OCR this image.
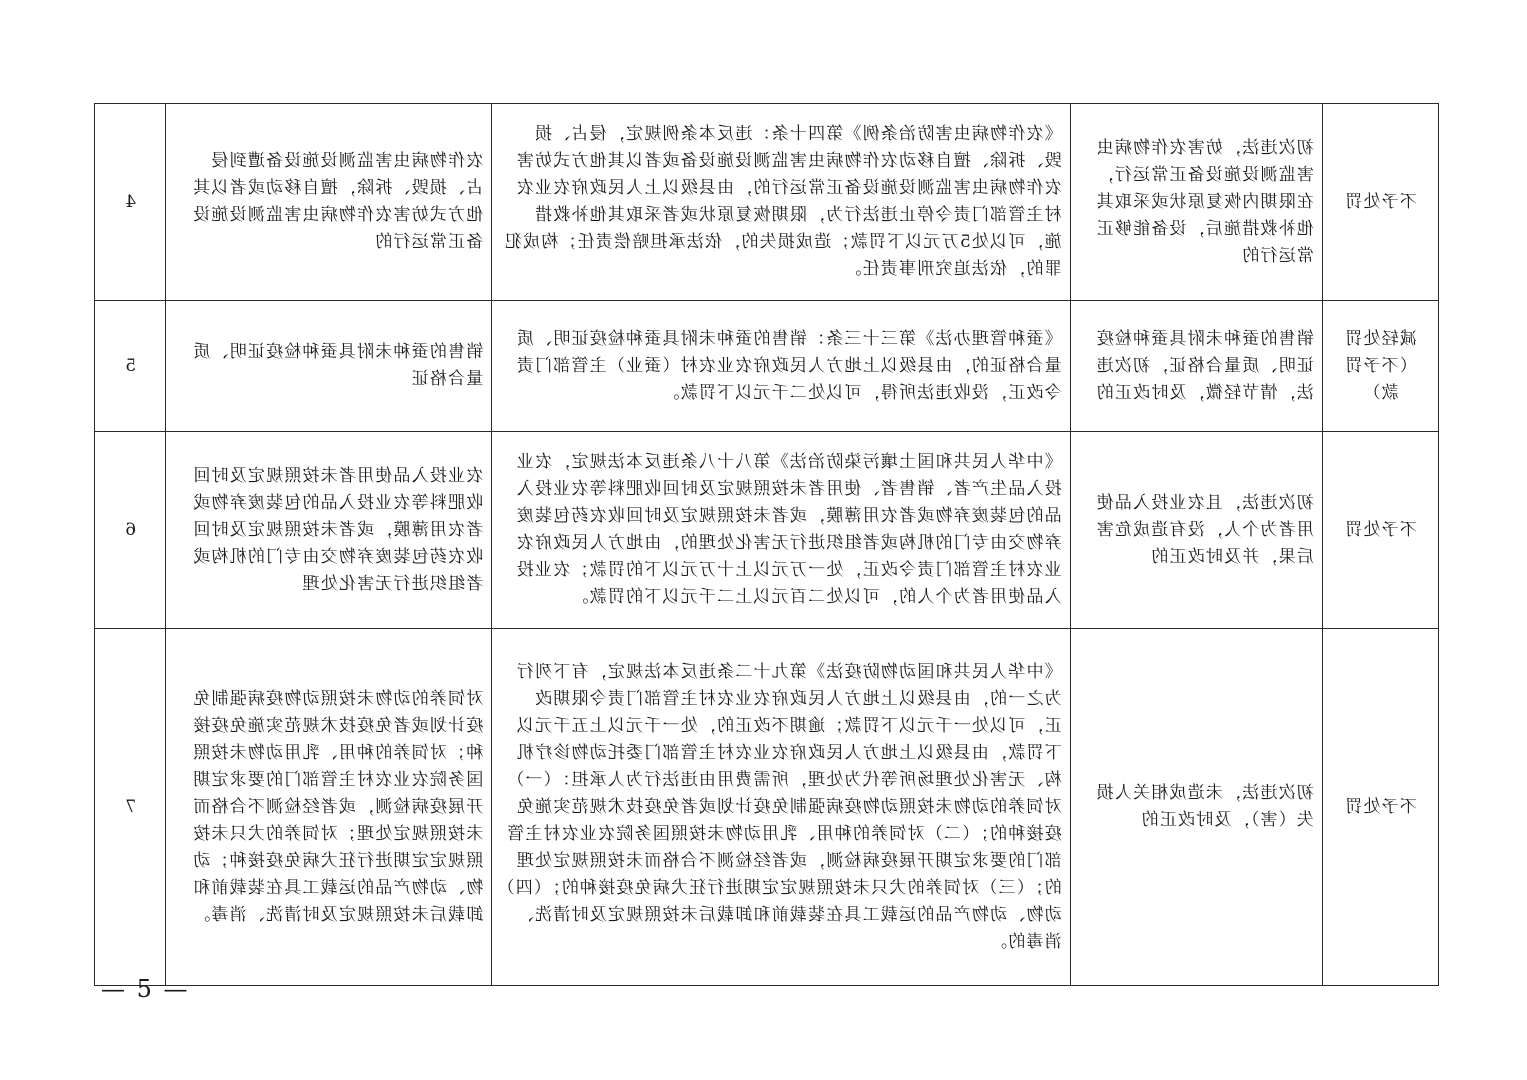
不予处罚	初次违法，妨害农作物病虫害监测设施设备正常运行，在限期内恢复原状或采取其他补救措施后，设备能够正常运行的	《农作物病虫害防治条例》第四十条：违反本条例规定，侵占、损毁、拆除、擅自移动农作物病虫害监测设施设备或者以其他方式妨害农作物病虫害监测设施设备正常运行的，由县级以上人民政府农业农村主管部门责令停止违法行为，限期恢复原状或者采取其他补救措施，可以处5万元以下罚款；造成损失的，依法承担赔偿责任；构成犯罪的，依法追究刑事责任。	农作物病虫害监测设施设备遭到侵占、损毁、拆除，擅自移动或者以其他方式妨害农作物病虫害监测设施设备正常运行的	4

减轻处罚（不予罚款）	销售的蚕种未附具蚕种检疫证明、质量合格证，初次违法，情节轻微，及时改正的	《蚕种管理办法》第三十三条：销售的蚕种未附具蚕种检疫证明、质量合格证的，由县级以上地方人民政府农业农村（蚕业）主管部门责令改正，没收违法所得，可以处二千元以下罚款。	销售的蚕种未附具蚕种检疫证明、质量合格证	5

不予处罚	初次违法，且农业投入品使用者为个人，没有造成危害后果，并及时改正的	《中华人民共和国土壤污染防治法》第八十八条违反本法规定，农业投入品生产者、销售者、使用者未按照规定及时回收肥料等农业投入品的包装废弃物或者农用薄膜，或者未按照规定及时回收农药包装废弃物交由专门的机构或者组织进行无害化处理的，由地方人民政府农业农村主管部门责令改正，处一万元以上十万元以下的罚款；农业投入品使用者为个人的，可以处二百元以上二千元以下的罚款。	农业投入品使用者未按照规定及时回收肥料等农业投入品的包装废弃物或者农用薄膜，或者未按照规定及时回收农药包装废弃物交由专门的机构或者组织进行无害化处理	6

不予处罚	初次违法，未造成相关人损失（害），及时改正的	《中华人民共和国动物防疫法》第九十二条违反本法规定，有下列行为之一的，由县级以上地方人民政府农业农村主管部门责令限期改正，可以处一千元以下罚款；逾期不改正的，处一千元以上五千元以下罚款，由县级以上地方人民政府农业农村主管部门委托动物诊疗机构、无害化处理场所等代为处理，所需费用由违法行为人承担：（一）对饲养的动物未按照动物疫病强制免疫计划或者免疫技术规范实施免疫接种的；（二）对饲养的种用、乳用动物未按照国务院农业农村主管部门的要求定期开展疫病检测，或者经检测不合格而未按照规定处理的；（三）对饲养的犬只未按照规定定期进行狂犬病免疫接种的；（四）动物、动物产品的运载工具在装载前和卸载后未按照规定及时清洗、消毒的。	对饲养的动物未按照动物疫病强制免疫计划或者免疫技术规范实施免疫接种；对饲养的种用、乳用动物未按照国务院农业农村主管部门的要求定期开展疫病检测，或者经检测不合格而未按照规定处理；对饲养的犬只未按照规定定期进行狂犬病免疫接种；动物、动物产品的运载工具在装载前和卸载后未按照规定及时清洗、消毒。	7
— 5 —
